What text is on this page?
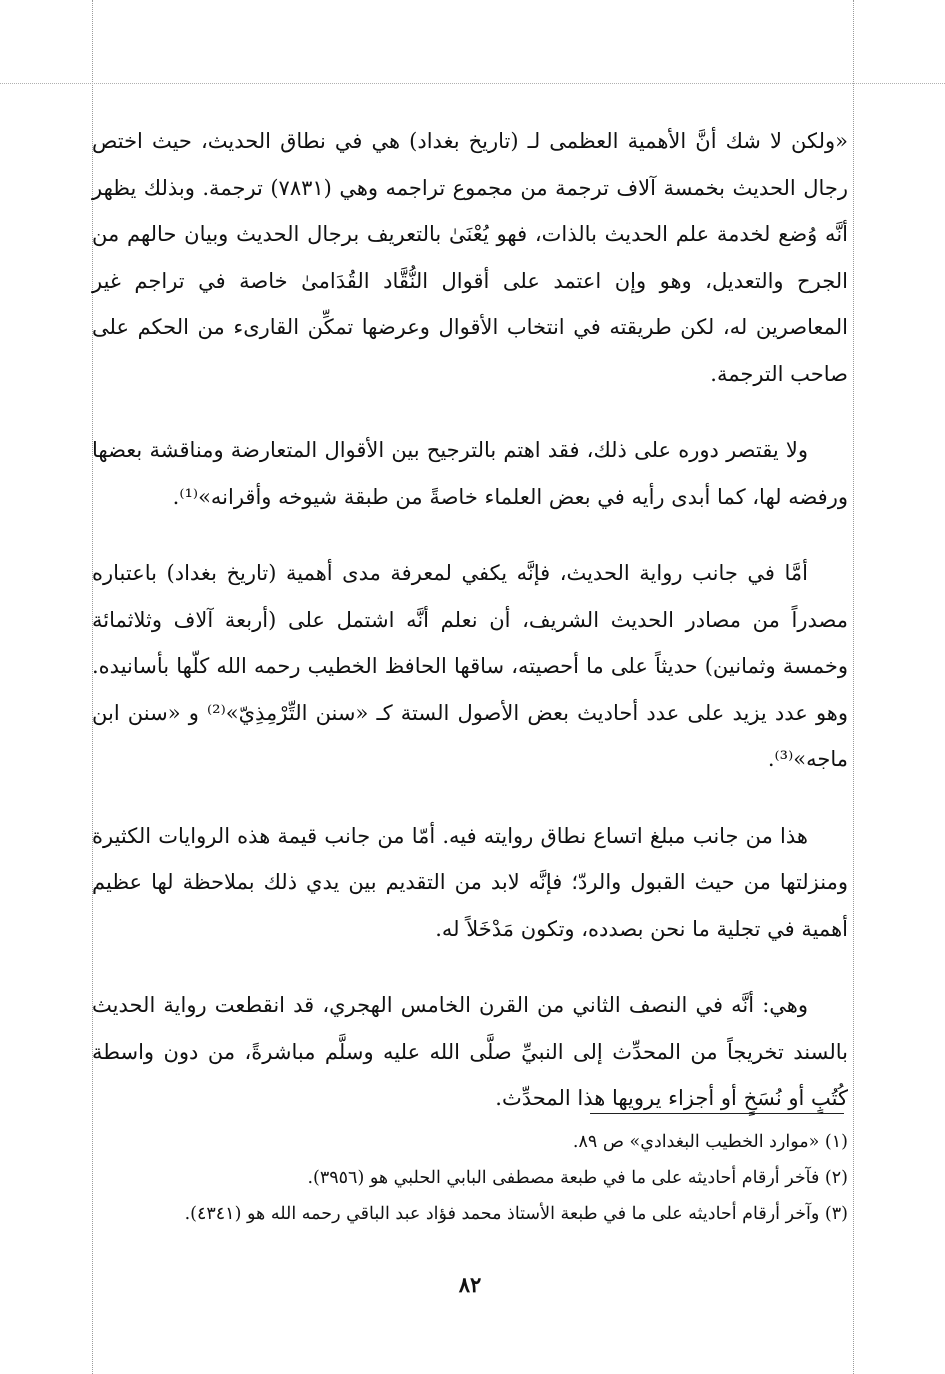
«ولكن لا شك أنَّ الأهمية العظمى لـ (تاريخ بغداد) هي في نطاق الحديث، حيث اختص رجال الحديث بخمسة آلاف ترجمة من مجموع تراجمه وهي (٧٨٣١) ترجمة. وبذلك يظهر أنَّه وُضع لخدمة علم الحديث بالذات، فهو يُعْنَىٰ بالتعريف برجال الحديث وبيان حالهم من الجرح والتعديل، وهو وإن اعتمد على أقوال النُّقَّاد القُدَامىٰ خاصة في تراجم غير المعاصرين له، لكن طريقته في انتخاب الأقوال وعرضها تمكِّن القارىء من الحكم على صاحب الترجمة.

ولا يقتصر دوره على ذلك، فقد اهتم بالترجيح بين الأقوال المتعارضة ومناقشة بعضها ورفضه لها، كما أبدى رأيه في بعض العلماء خاصةً من طبقة شيوخه وأقرانه»⁽¹⁾.

أمَّا في جانب رواية الحديث، فإنَّه يكفي لمعرفة مدى أهمية (تاريخ بغداد) باعتباره مصدراً من مصادر الحديث الشريف، أن نعلم أنَّه اشتمل على (أربعة آلاف وثلاثمائة وخمسة وثمانين) حديثاً على ما أحصيته، ساقها الحافظ الخطيب رحمه الله كلّها بأسانيده. وهو عدد يزيد على عدد أحاديث بعض الأصول الستة كـ «سنن التِّرْمِذِيّ»⁽²⁾ و «سنن ابن ماجه»⁽³⁾.

هذا من جانب مبلغ اتساع نطاق روايته فيه. أمّا من جانب قيمة هذه الروايات الكثيرة ومنزلتها من حيث القبول والردّ؛ فإنَّه لابد من التقديم بين يدي ذلك بملاحظة لها عظيم أهمية في تجلية ما نحن بصدده، وتكون مَدْخَلاً له.

وهي: أنَّه في النصف الثاني من القرن الخامس الهجري، قد انقطعت رواية الحديث بالسند تخريجاً من المحدِّث إلى النبيِّ صلَّى الله عليه وسلَّم مباشرةً، من دون واسطة كُتُبٍ أو نُسَخٍ أو أجزاء يرويها هذا المحدِّث.

(١) «موارد الخطيب البغدادي» ص ٨٩.
(٢) فآخر أرقام أحاديثه على ما في طبعة مصطفى البابي الحلبي هو (٣٩٥٦).
(٣) وآخر أرقام أحاديثه على ما في طبعة الأستاذ محمد فؤاد عبد الباقي رحمه الله هو (٤٣٤١).
٨٢
